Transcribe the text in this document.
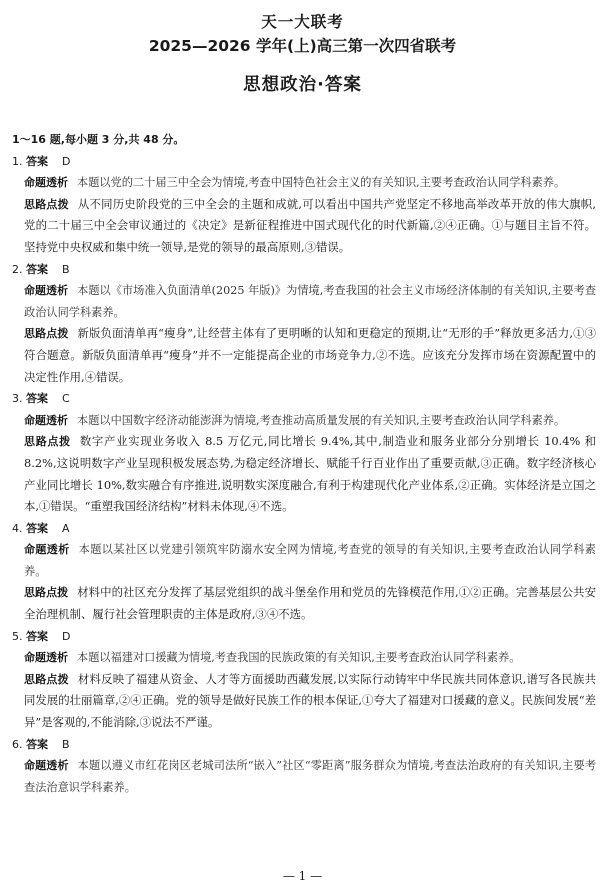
天一大联考
2025—2026 学年(上)高三第一次四省联考
思想政治·答案
1～16 题,每小题 3 分,共 48 分。
1. 答案 D
命题透析 本题以党的二十届三中全会为情境,考查中国特色社会主义的有关知识,主要考查政治认同学科素养。
思路点拨 从不同历史阶段党的三中全会的主题和成就,可以看出中国共产党坚定不移地高举改革开放的伟大旗帜,党的二十届三中全会审议通过的《决定》是新征程推进中国式现代化的时代新篇,②④正确。①与题目主旨不符。坚持党中央权威和集中统一领导,是党的领导的最高原则,③错误。
2. 答案 B
命题透析 本题以《市场准入负面清单(2025 年版)》为情境,考查我国的社会主义市场经济体制的有关知识,主要考查政治认同学科素养。
思路点拨 新版负面清单再“瘦身”,让经营主体有了更明晰的认知和更稳定的预期,让“无形的手”释放更多活力,①③符合题意。新版负面清单再“瘦身”并不一定能提高企业的市场竞争力,②不选。应该充分发挥市场在资源配置中的决定性作用,④错误。
3. 答案 C
命题透析 本题以中国数字经济动能澎湃为情境,考查推动高质量发展的有关知识,主要考查政治认同学科素养。
思路点拨 数字产业实现业务收入 8.5 万亿元,同比增长 9.4%,其中,制造业和服务业部分分别增长 10.4% 和 8.2%,这说明数字产业呈现积极发展态势,为稳定经济增长、赋能千行百业作出了重要贡献,③正确。数字经济核心产业同比增长 10%,数实融合有序推进,说明数实深度融合,有利于构建现代化产业体系,②正确。实体经济是立国之本,①错误。“重塑我国经济结构”材料未体现,④不选。
4. 答案 A
命题透析 本题以某社区以党建引领筑牢防溺水安全网为情境,考查党的领导的有关知识,主要考查政治认同学科素养。
思路点拨 材料中的社区充分发挥了基层党组织的战斗堡垒作用和党员的先锋模范作用,①②正确。完善基层公共安全治理机制、履行社会管理职责的主体是政府,③④不选。
5. 答案 D
命题透析 本题以福建对口援藏为情境,考查我国的民族政策的有关知识,主要考查政治认同学科素养。
思路点拨 材料反映了福建从资金、人才等方面援助西藏发展,以实际行动铸牢中华民族共同体意识,谱写各民族共同发展的壮丽篇章,②④正确。党的领导是做好民族工作的根本保证,①夸大了福建对口援藏的意义。民族间发展“差异”是客观的,不能消除,③说法不严谨。
6. 答案 B
命题透析 本题以遵义市红花岗区老城司法所“嵌入”社区“零距离”服务群众为情境,考查法治政府的有关知识,主要考查法治意识学科素养。
— 1 —
